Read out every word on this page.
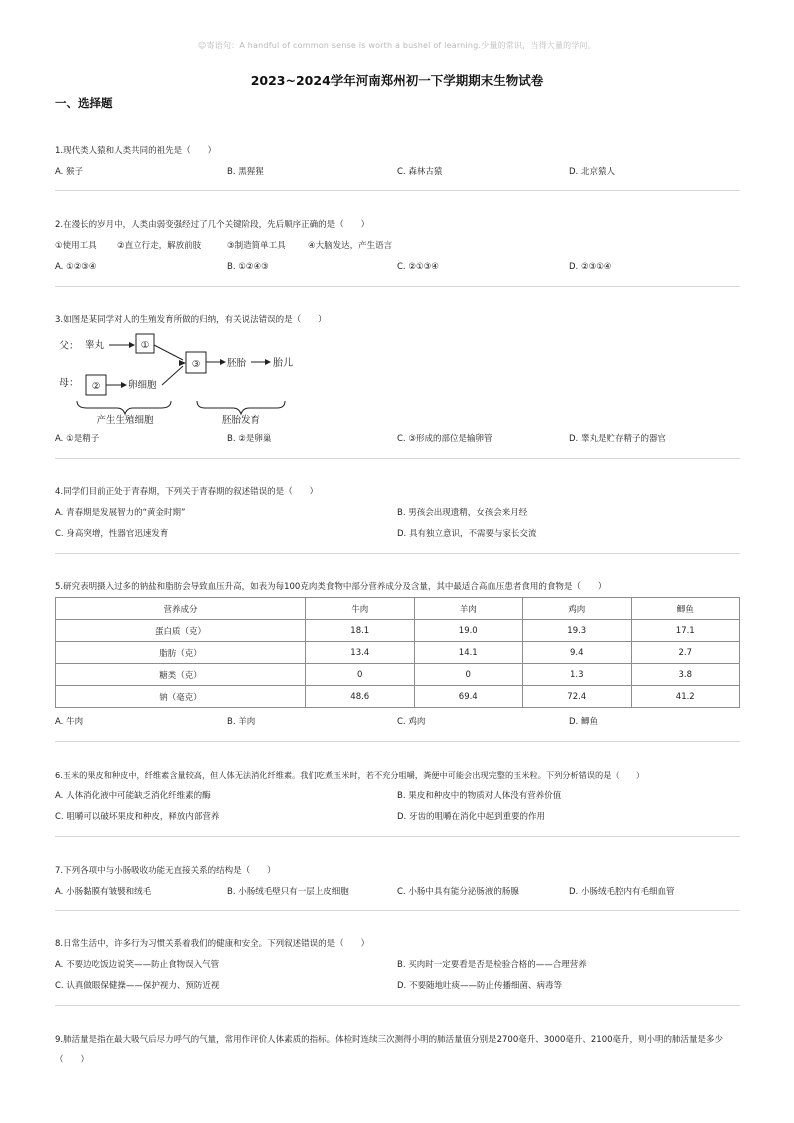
☺寄语句：A handful of common sense is worth a bushel of learning.少量的常识，当得大量的学问。
2023~2024学年河南郑州初一下学期期末生物试卷
一、选择题
1.现代类人猿和人类共同的祖先是（　　）
A. 猴子	B. 黑猩猩	C. 森林古猿	D. 北京猿人
2.在漫长的岁月中，人类由弱变强经过了几个关键阶段，先后顺序正确的是（　　）
①使用工具 ②直立行走，解放前肢	③制造简单工具	④大脑发达，产生语言
A. ①②③④	B. ①②④③	C. ②①③④	D. ②③①④
3.如图是某同学对人的生殖发育所做的归纳，有关说法错误的是（　　）
父： 睾丸	①
母： ②	卵细胞
③	胚胎	胎儿
产生生殖细胞	胚胎发育
A. ①是精子	B. ②是卵巢	C. ③形成的部位是输卵管	D. 睾丸是贮存精子的器官
4.同学们目前正处于青春期，下列关于青春期的叙述错误的是（　　）
A. 青春期是发展智力的“黄金时期”	B. 男孩会出现遗精，女孩会来月经
C. 身高突增，性器官迅速发育	D. 具有独立意识，不需要与家长交流
5.研究表明摄入过多的钠盐和脂肪会导致血压升高，如表为每100克肉类食物中部分营养成分及含量，其中最适合高血压患者食用的食物是（　　）
营养成分	牛肉	羊肉	鸡肉	鲫鱼
蛋白质（克）	18.1	19.0	19.3	17.1
脂肪（克）	13.4	14.1	9.4	2.7
糖类（克）	0	0	1.3	3.8
钠（毫克）	48.6	69.4	72.4	41.2
A. 牛肉	B. 羊肉	C. 鸡肉	D. 鲫鱼
6.玉米的果皮和种皮中，纤维素含量较高，但人体无法消化纤维素。我们吃煮玉米时，若不充分咀嚼，粪便中可能会出现完整的玉米粒。下列分析错误的是（　　）
A. 人体消化液中可能缺乏消化纤维素的酶	B. 果皮和种皮中的物质对人体没有营养价值
C. 咀嚼可以破坏果皮和种皮，释放内部营养	D. 牙齿的咀嚼在消化中起到重要的作用
7.下列各项中与小肠吸收功能无直接关系的结构是（　　）
A. 小肠黏膜有皱襞和绒毛	B. 小肠绒毛壁只有一层上皮细胞	C. 小肠中具有能分泌肠液的肠腺	D. 小肠绒毛腔内有毛细血管
8.日常生活中，许多行为习惯关系着我们的健康和安全。下列叙述错误的是（　　）
A. 不要边吃饭边说笑——防止食物误入气管	B. 买肉时一定要看是否是检验合格的——合理营养
C. 认真做眼保健操——保护视力、预防近视	D. 不要随地吐痰——防止传播细菌、病毒等
9.肺活量是指在最大吸气后尽力呼气的气量，常用作评价人体素质的指标。体检时连续三次测得小明的肺活量值分别是2700毫升、3000毫升、2100毫升，则小明的肺活量是多少（　　）
